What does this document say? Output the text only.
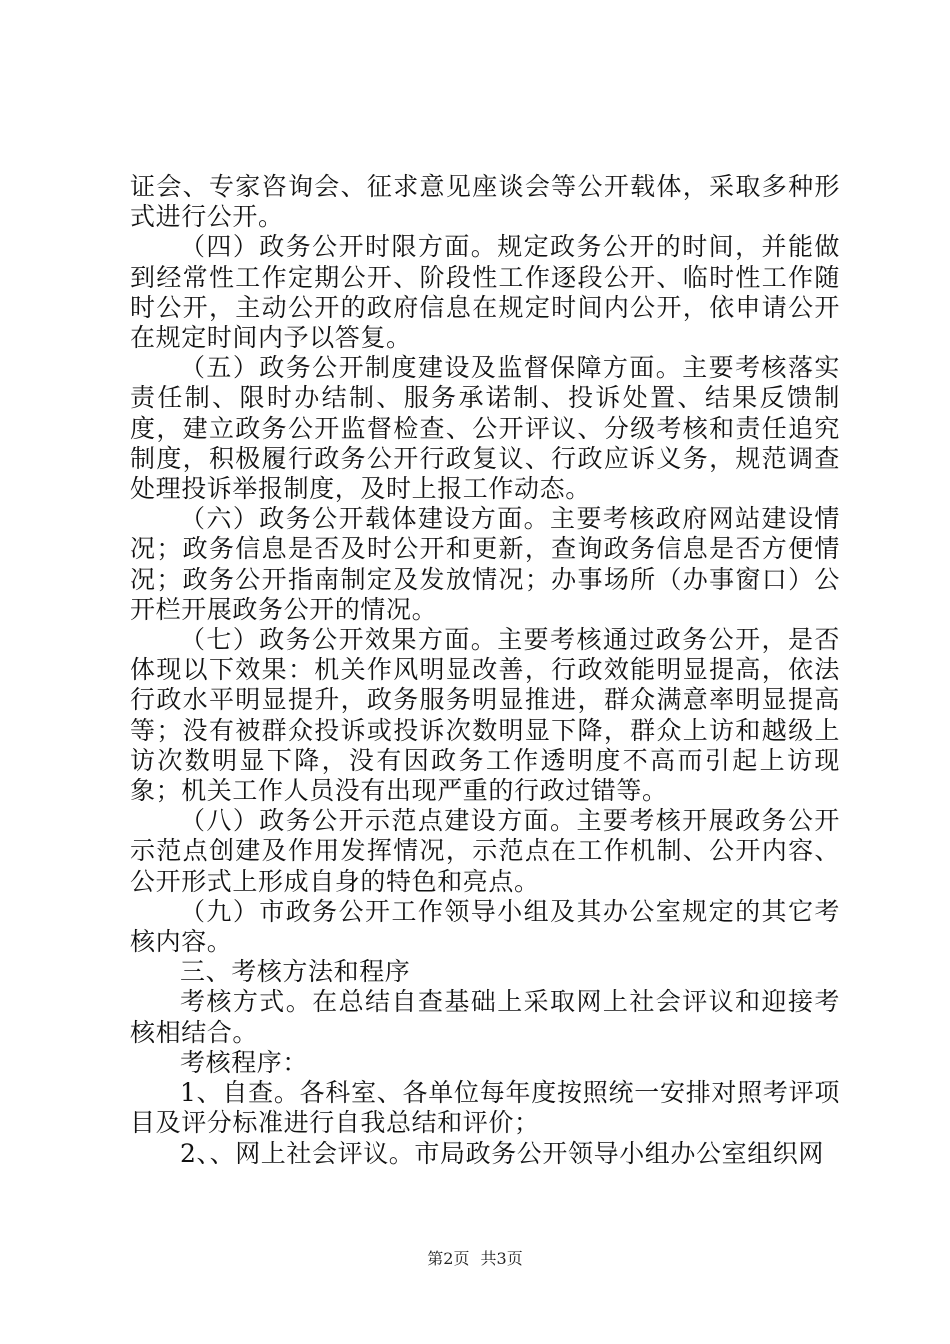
证会、专家咨询会、征求意见座谈会等公开载体，采取多种形式进行公开。

（四）政务公开时限方面。规定政务公开的时间，并能做到经常性工作定期公开、阶段性工作逐段公开、临时性工作随时公开，主动公开的政府信息在规定时间内公开，依申请公开在规定时间内予以答复。

（五）政务公开制度建设及监督保障方面。主要考核落实责任制、限时办结制、服务承诺制、投诉处置、结果反馈制度，建立政务公开监督检查、公开评议、分级考核和责任追究制度，积极履行政务公开行政复议、行政应诉义务，规范调查处理投诉举报制度，及时上报工作动态。

（六）政务公开载体建设方面。主要考核政府网站建设情况；政务信息是否及时公开和更新，查询政务信息是否方便情况；政务公开指南制定及发放情况；办事场所（办事窗口）公开栏开展政务公开的情况。

（七）政务公开效果方面。主要考核通过政务公开，是否体现以下效果：机关作风明显改善，行政效能明显提高，依法行政水平明显提升，政务服务明显推进，群众满意率明显提高等；没有被群众投诉或投诉次数明显下降，群众上访和越级上访次数明显下降，没有因政务工作透明度不高而引起上访现象；机关工作人员没有出现严重的行政过错等。

（八）政务公开示范点建设方面。主要考核开展政务公开示范点创建及作用发挥情况，示范点在工作机制、公开内容、公开形式上形成自身的特色和亮点。

（九）市政务公开工作领导小组及其办公室规定的其它考核内容。

三、考核方法和程序

考核方式。在总结自查基础上采取网上社会评议和迎接考核相结合。

考核程序：

1、自查。各科室、各单位每年度按照统一安排对照考评项目及评分标准进行自我总结和评价；

2、、网上社会评议。市局政务公开领导小组办公室组织网

第2页 共3页
